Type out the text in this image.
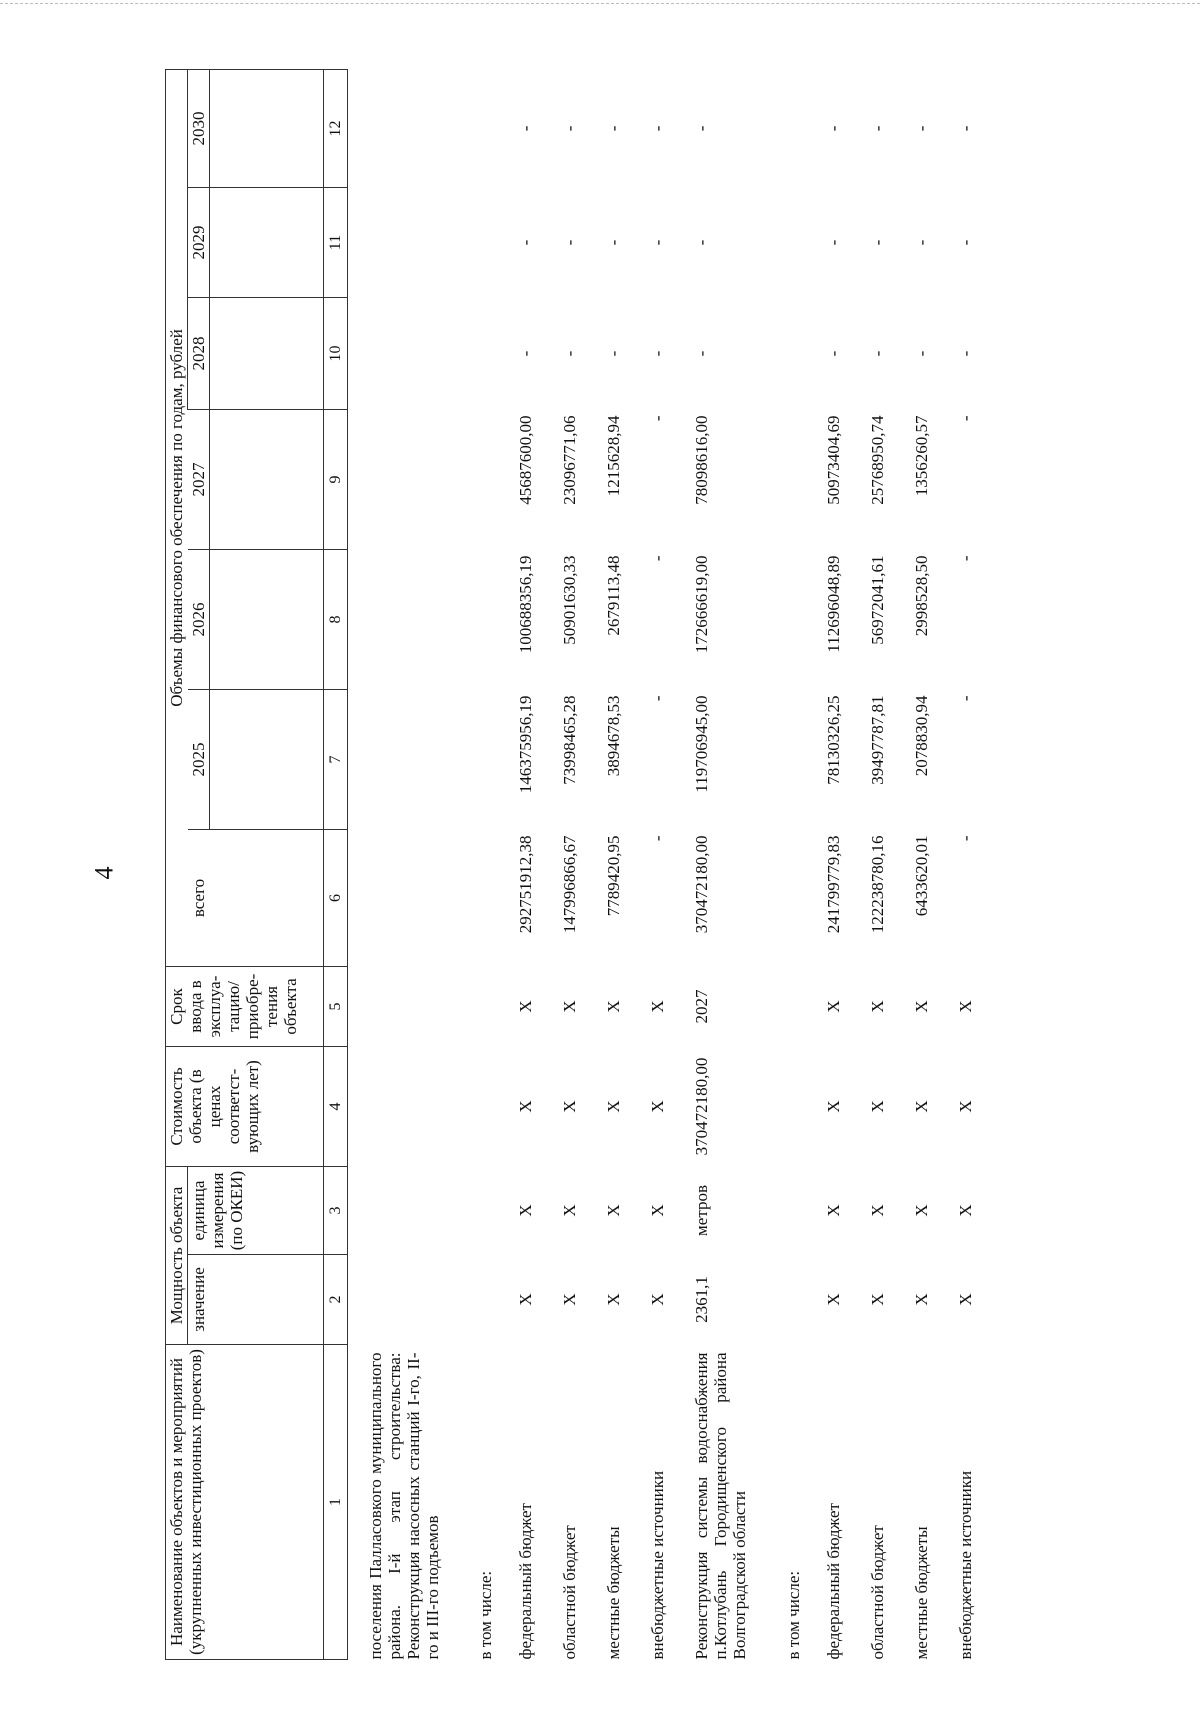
4
Наименование объектов и мероприятий (укрупненных инвестиционных проектов)	Мощность объекта		Стоимость объекта (в ценах соответст-вующих лет)	Срок ввода в эксплуа-тацию/ приобре-тения объекта	Объемы финансового обеспечения по годам, рублей						
	значение	единица измерения (по ОКЕИ)			всего	2025	2026	2027	2028	2029	2030

1	2	3	4	5	6	7	8	9	10	11	12

поселения Палласовкого муниципального района. I-й этап строительства: Реконструкция насосных станций I-го, II-го и III-го подъемов											
в том числе:											
федеральный бюджет	X	X	X	X	292751912,38	146375956,19	100688356,19	45687600,00	-	-	-
областной бюджет	X	X	X	X	147996866,67	73998465,28	50901630,33	23096771,06	-	-	-
местные бюджеты	X	X	X	X	7789420,95	3894678,53	2679113,48	1215628,94	-	-	-
внебюджетные источники	X	X	X	X	-	-	-	-	-	-	-
Реконструкция системы водоснабжения п.Котлубань Городищенского района Волгоградской области	2361,1	метров	370472180,00	2027	370472180,00	119706945,00	172666619,00	78098616,00	-	-	-
в том числе:											
федеральный бюджет	X	X	X	X	241799779,83	78130326,25	112696048,89	50973404,69	-	-	-
областной бюджет	X	X	X	X	122238780,16	39497787,81	56972041,61	25768950,74	-	-	-
местные бюджеты	X	X	X	X	6433620,01	2078830,94	2998528,50	1356260,57	-	-	-
внебюджетные источники	X	X	X	X	-	-	-	-	-	-	-
